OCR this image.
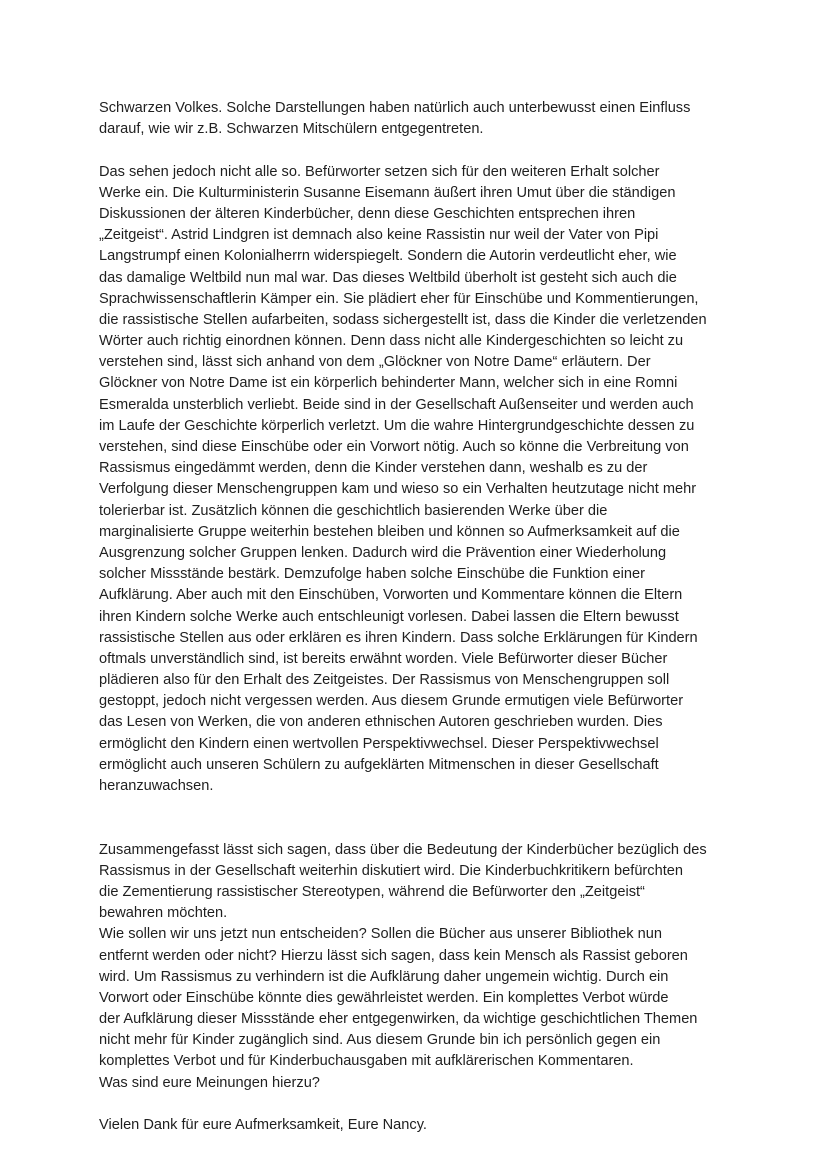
Schwarzen Volkes. Solche Darstellungen haben natürlich auch unterbewusst einen Einfluss
darauf, wie wir z.B. Schwarzen Mitschülern entgegentreten.
Das sehen jedoch nicht alle so. Befürworter setzen sich für den weiteren Erhalt solcher
Werke ein. Die Kulturministerin Susanne Eisemann äußert ihren Umut über die ständigen
Diskussionen der älteren Kinderbücher, denn diese Geschichten entsprechen ihren
„Zeitgeist“. Astrid Lindgren ist demnach also keine Rassistin nur weil der Vater von Pipi
Langstrumpf einen Kolonialherrn widerspiegelt. Sondern die Autorin verdeutlicht eher, wie
das damalige Weltbild nun mal war. Das dieses Weltbild überholt ist gesteht sich auch die
Sprachwissenschaftlerin Kämper ein. Sie plädiert eher für Einschübe und Kommentierungen,
die rassistische Stellen aufarbeiten, sodass sichergestellt ist, dass die Kinder die verletzenden
Wörter auch richtig einordnen können. Denn dass nicht alle Kindergeschichten so leicht zu
verstehen sind, lässt sich anhand von dem „Glöckner von Notre Dame“ erläutern. Der
Glöckner von Notre Dame ist ein körperlich behinderter Mann, welcher sich in eine Romni
Esmeralda unsterblich verliebt. Beide sind in der Gesellschaft Außenseiter und werden auch
im Laufe der Geschichte körperlich verletzt. Um die wahre Hintergrundgeschichte dessen zu
verstehen, sind diese Einschübe oder ein Vorwort nötig. Auch so könne die Verbreitung von
Rassismus eingedämmt werden, denn die Kinder verstehen dann, weshalb es zu der
Verfolgung dieser Menschengruppen kam und wieso so ein Verhalten heutzutage nicht mehr
tolerierbar ist. Zusätzlich können die geschichtlich basierenden Werke über die
marginalisierte Gruppe weiterhin bestehen bleiben und können so Aufmerksamkeit auf die
Ausgrenzung solcher Gruppen lenken. Dadurch wird die Prävention einer Wiederholung
solcher Missstände bestärk. Demzufolge haben solche Einschübe die Funktion einer
Aufklärung. Aber auch mit den Einschüben, Vorworten und Kommentare können die Eltern
ihren Kindern solche Werke auch entschleunigt vorlesen. Dabei lassen die Eltern bewusst
rassistische Stellen aus oder erklären es ihren Kindern. Dass solche Erklärungen für Kindern
oftmals unverständlich sind, ist bereits erwähnt worden. Viele Befürworter dieser Bücher
plädieren also für den Erhalt des Zeitgeistes. Der Rassismus von Menschengruppen soll
gestoppt, jedoch nicht vergessen werden. Aus diesem Grunde ermutigen viele Befürworter
das Lesen von Werken, die von anderen ethnischen Autoren geschrieben wurden. Dies
ermöglicht den Kindern einen wertvollen Perspektivwechsel. Dieser Perspektivwechsel
ermöglicht auch unseren Schülern zu aufgeklärten Mitmenschen in dieser Gesellschaft
heranzuwachsen.
Zusammengefasst lässt sich sagen, dass über die Bedeutung der Kinderbücher bezüglich des
Rassismus in der Gesellschaft weiterhin diskutiert wird. Die Kinderbuchkritikern befürchten
die Zementierung rassistischer Stereotypen, während die Befürworter den „Zeitgeist“
bewahren möchten.
Wie sollen wir uns jetzt nun entscheiden? Sollen die Bücher aus unserer Bibliothek nun
entfernt werden oder nicht? Hierzu lässt sich sagen, dass kein Mensch als Rassist geboren
wird. Um Rassismus zu verhindern ist die Aufklärung daher ungemein wichtig. Durch ein
Vorwort oder Einschübe könnte dies gewährleistet werden. Ein komplettes Verbot würde
der Aufklärung dieser Missstände eher entgegenwirken, da wichtige geschichtlichen Themen
nicht mehr für Kinder zugänglich sind. Aus diesem Grunde bin ich persönlich gegen ein
komplettes Verbot und für Kinderbuchausgaben mit aufklärerischen Kommentaren.
Was sind eure Meinungen hierzu?
Vielen Dank für eure Aufmerksamkeit, Eure Nancy.
